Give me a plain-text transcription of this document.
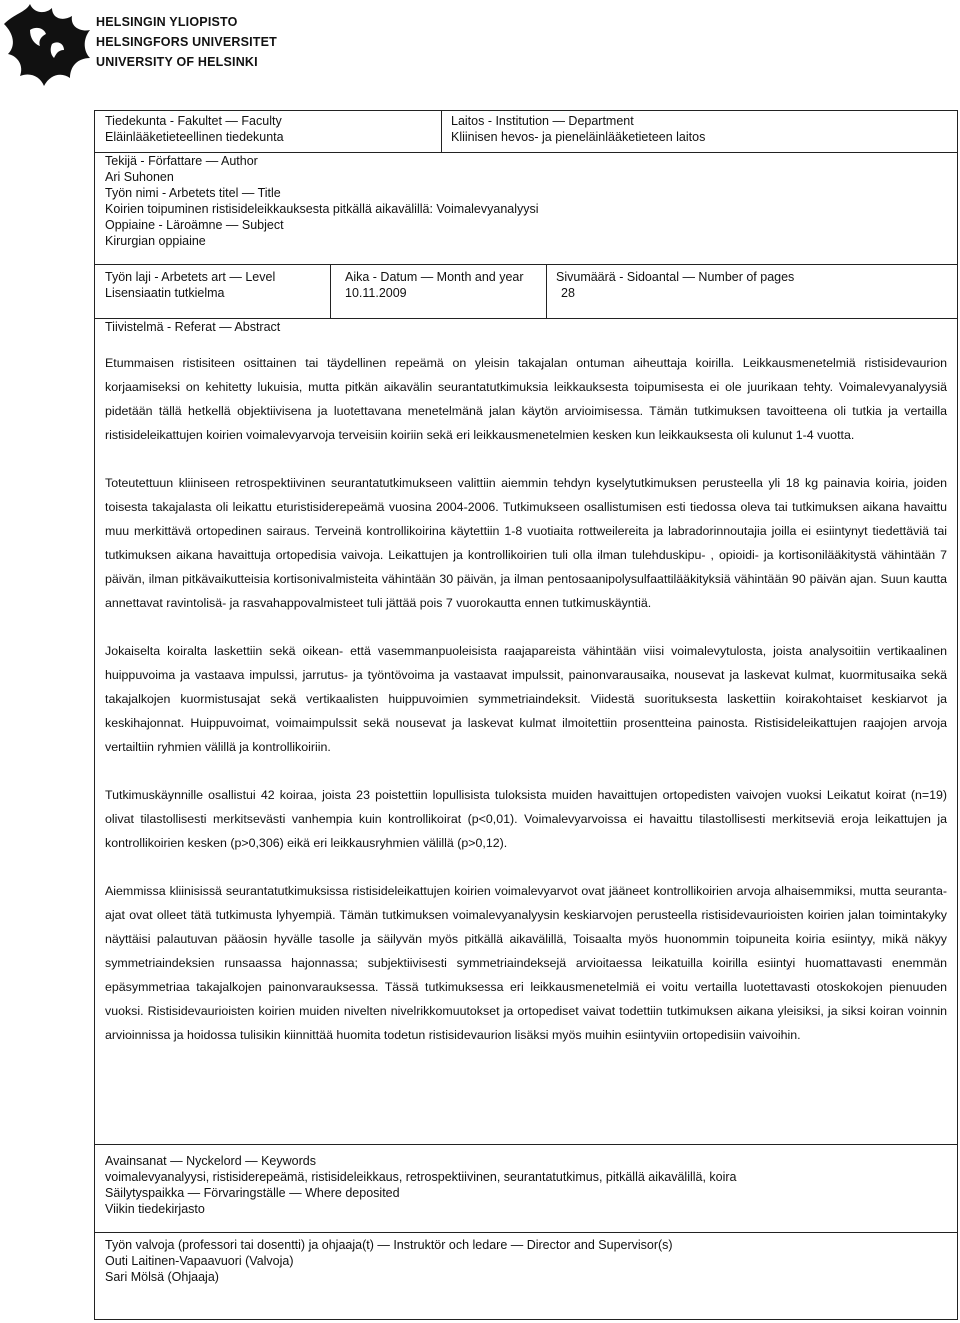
HELSINGIN YLIOPISTO
HELSINGFORS UNIVERSITET
UNIVERSITY OF HELSINKI
Tiedekunta - Fakultet — Faculty
Eläinlääketieteellinen tiedekunta
Laitos - Institution — Department
Kliinisen hevos- ja pieneläinlääketieteen laitos
Tekijä - Författare — Author
Ari Suhonen
Työn nimi - Arbetets titel — Title
Koirien toipuminen ristisideleikkauksesta pitkällä aikavälillä: Voimalevyanalyysi
Oppiaine - Läroämne — Subject
Kirurgian oppiaine
Työn laji - Arbetets art — Level
Lisensiaatin tutkielma
Aika - Datum — Month and year
10.11.2009
Sivumäärä - Sidoantal — Number of pages
28
Tiivistelmä - Referat — Abstract

Etummaisen ristisiteen osittainen tai täydellinen repeämä on yleisin takajalan ontuman aiheuttaja koirilla. Leikkausmenetelmiä ristisidevaurion korjaamiseksi on kehitetty lukuisia, mutta pitkän aikavälin seurantatutkimuksia leikkauksesta toipumisesta ei ole juurikaan tehty. Voimalevyanalyysiä pidetään tällä hetkellä objektiivisena ja luotettavana menetelmänä jalan käytön arvioimisessa. Tämän tutkimuksen tavoitteena oli tutkia ja vertailla ristisideleikattujen koirien voimalevyarvoja terveisiin koiriin sekä eri leikkausmenetelmien kesken kun leikkauksesta oli kulunut 1-4 vuotta.

Toteutettuun kliiniseen retrospektiivinen seurantatutkimukseen valittiin aiemmin tehdyn kyselytutkimuksen perusteella yli 18 kg painavia koiria, joiden toisesta takajalasta oli leikattu eturistisiderepeämä vuosina 2004-2006. Tutkimukseen osallistumisen esti tiedossa oleva tai tutkimuksen aikana havaittu muu merkittävä ortopedinen sairaus. Terveinä kontrollikoirina käytettiin 1-8 vuotiaita rottweilereita ja labradorinnoutajia joilla ei esiintynyt tiedettäviä tai tutkimuksen aikana havaittuja ortopedisia vaivoja. Leikattujen ja kontrollikoirien tuli olla ilman tulehduskipu- , opioidi- ja kortisonilääkitystä vähintään 7 päivän, ilman pitkävaikutteisia kortisonivalmisteita vähintään 30 päivän, ja ilman pentosaanipolysulfaattilääkityksiä vähintään 90 päivän ajan. Suun kautta annettavat ravintolisä- ja rasvahappovalmisteet tuli jättää pois 7 vuorokautta ennen tutkimuskäyntiä.

Jokaiselta koiralta laskettiin sekä oikean- että vasemmanpuoleisista raajapareista vähintään viisi voimalevytulosta, joista analysoitiin vertikaalinen huippuvoima ja vastaava impulssi, jarrutus- ja työntövoima ja vastaavat impulssit, painonvarausaika, nousevat ja laskevat kulmat, kuormitusaika sekä takajalkojen kuormistusajat sekä vertikaalisten huippuvoimien symmetriaindeksit. Viidestä suorituksesta laskettiin koirakohtaiset keskiarvot ja keskihajonnat. Huippuvoimat, voimaimpulssit sekä nousevat ja laskevat kulmat ilmoitettiin prosentteina painosta. Ristisideleikattujen raajojen arvoja vertailtiin ryhmien välillä ja kontrollikoiriin.

Tutkimuskäynnille osallistui 42 koiraa, joista 23 poistettiin lopullisista tuloksista muiden havaittujen ortopedisten vaivojen vuoksi Leikatut koirat (n=19) olivat tilastollisesti merkitsevästi vanhempia kuin kontrollikoirat (p<0,01). Voimalevyarvoissa ei havaittu tilastollisesti merkitseviä eroja leikattujen ja kontrollikoirien kesken (p>0,306) eikä eri leikkausryhmien välillä (p>0,12).

Aiemmissa kliinisissä seurantatutkimuksissa ristisideleikattujen koirien voimalevyarvot ovat jääneet kontrollikoirien arvoja alhaisemmiksi, mutta seuranta-ajat ovat olleet tätä tutkimusta lyhyempiä. Tämän tutkimuksen voimalevyanalyysin keskiarvojen perusteella ristisidevaurioisten koirien jalan toimintakyky näyttäisi palautuvan pääosin hyvälle tasolle ja säilyvän myös pitkällä aikavälillä, Toisaalta myös huonommin toipuneita koiria esiintyy, mikä näkyy symmetriaindeksien runsaassa hajonnassa; subjektiivisesti symmetriaindeksejä arvioitaessa leikatuilla koirilla esiintyi huomattavasti enemmän epäsymmetriaa takajalkojen painonvarauksessa. Tässä tutkimuksessa eri leikkausmenetelmiä ei voitu vertailla luotettavasti otoskokojen pienuuden vuoksi. Ristisidevaurioisten koirien muiden nivelten nivelrikkomuutokset ja ortopediset vaivat todettiin tutkimuksen aikana yleisiksi, ja siksi koiran voinnin arvioinnissa ja hoidossa tulisikin kiinnittää huomita todetun ristisidevaurion lisäksi myös muihin esiintyviin ortopedisiin vaivoihin.

Avainsanat — Nyckelord — Keywords
voimalevyanalyysi, ristisiderepeämä, ristisideleikkaus, retrospektiivinen, seurantatutkimus, pitkällä aikavälillä, koira
Säilytyspaikka — Förvaringställe — Where deposited
Viikin tiedekirjasto
Työn valvoja (professori tai dosentti) ja ohjaaja(t) — Instruktör och ledare — Director and Supervisor(s)
Outi Laitinen-Vapaavuori (Valvoja)
Sari Mölsä (Ohjaaja)
